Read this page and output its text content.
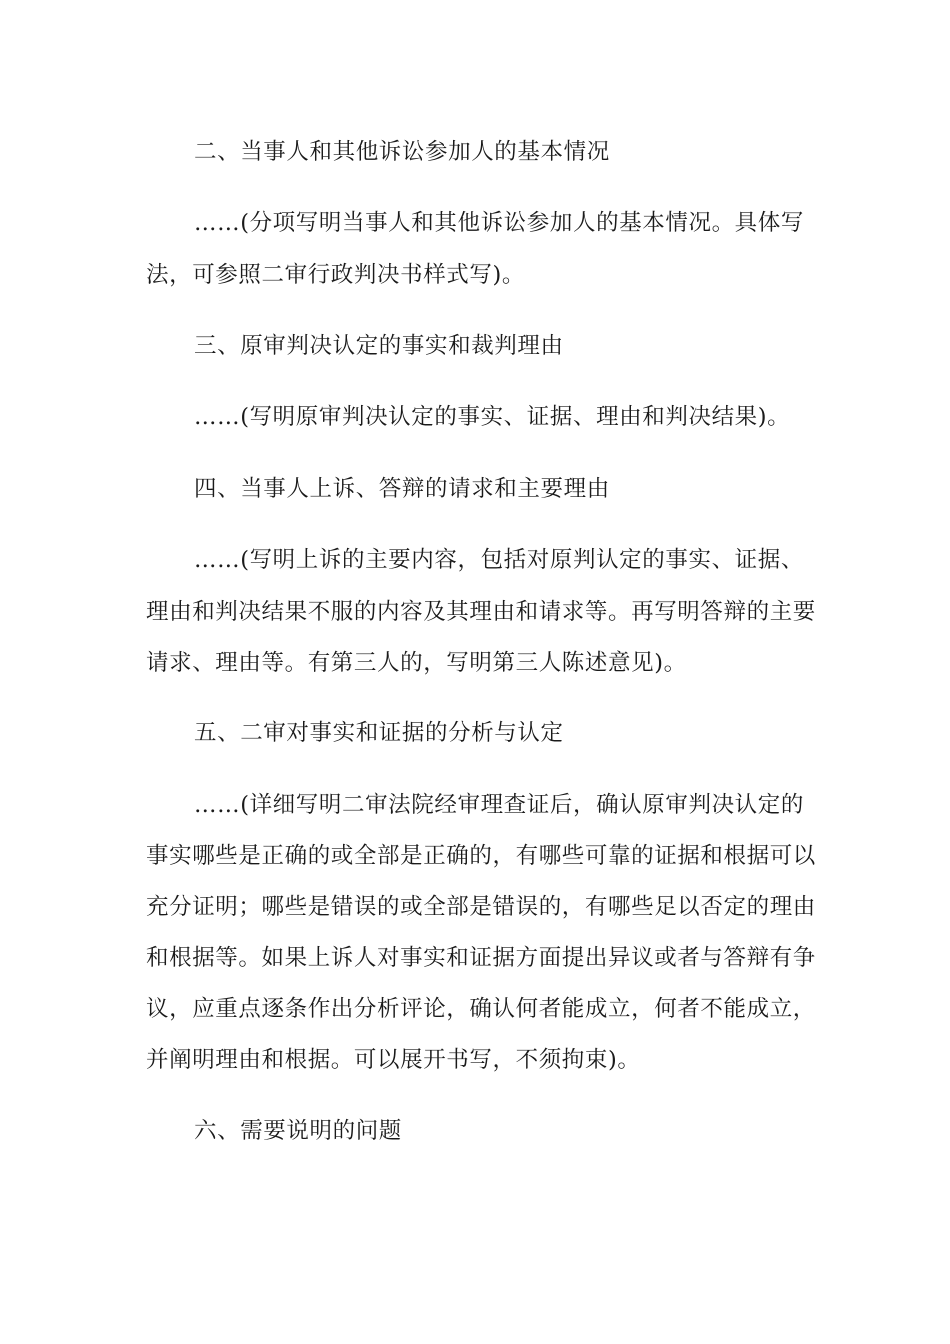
二、当事人和其他诉讼参加人的基本情况
……(分项写明当事人和其他诉讼参加人的基本情况。具体写
法，可参照二审行政判决书样式写)。
三、原审判决认定的事实和裁判理由
……(写明原审判决认定的事实、证据、理由和判决结果)。
四、当事人上诉、答辩的请求和主要理由
……(写明上诉的主要内容，包括对原判认定的事实、证据、
理由和判决结果不服的内容及其理由和请求等。再写明答辩的主要
请求、理由等。有第三人的，写明第三人陈述意见)。
五、二审对事实和证据的分析与认定
……(详细写明二审法院经审理查证后，确认原审判决认定的
事实哪些是正确的或全部是正确的，有哪些可靠的证据和根据可以
充分证明；哪些是错误的或全部是错误的，有哪些足以否定的理由
和根据等。如果上诉人对事实和证据方面提出异议或者与答辩有争
议，应重点逐条作出分析评论，确认何者能成立，何者不能成立，
并阐明理由和根据。可以展开书写，不须拘束)。
六、需要说明的问题
